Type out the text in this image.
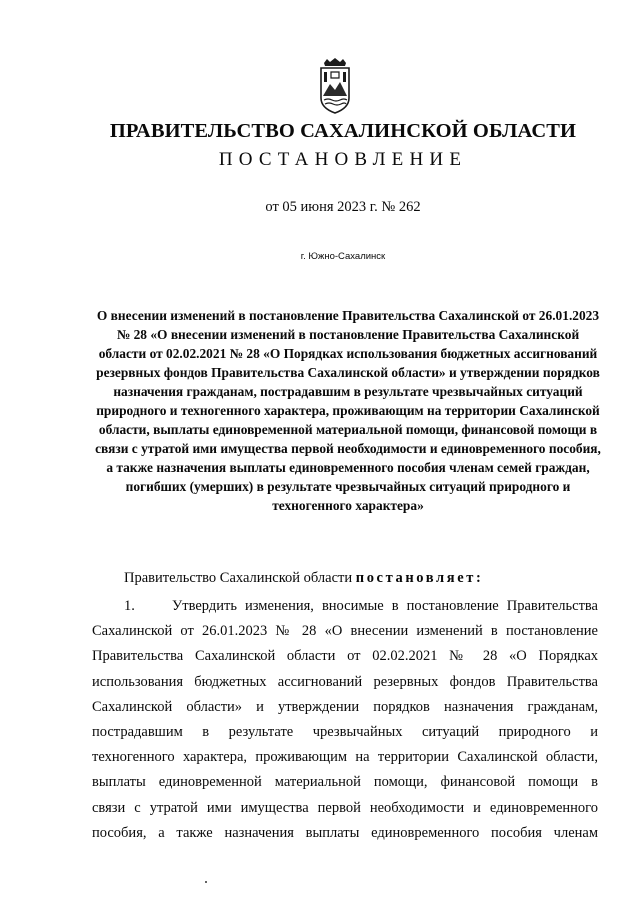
ПРАВИТЕЛЬСТВО САХАЛИНСКОЙ ОБЛАСТИ
ПОСТАНОВЛЕНИЕ
от 05 июня 2023 г. № 262
г. Южно-Сахалинск
О внесении изменений в постановление Правительства Сахалинской от 26.01.2023 № 28 «О внесении изменений в постановление Правительства Сахалинской области от 02.02.2021 № 28 «О Порядках использования бюджетных ассигнований резервных фондов Правительства Сахалинской области» и утверждении порядков назначения гражданам, пострадавшим в результате чрезвычайных ситуаций природного и техногенного характера, проживающим на территории Сахалинской области, выплаты единовременной материальной помощи, финансовой помощи в связи с утратой ими имущества первой необходимости и единовременного пособия, а также назначения выплаты единовременного пособия членам семей граждан, погибших (умерших) в результате чрезвычайных ситуаций природного и техногенного характера»
Правительство Сахалинской области постановляет:
1.	Утвердить изменения, вносимые в постановление Правительства
Сахалинской от 26.01.2023 № 28 «О внесении изменений в постановление
Правительства Сахалинской области от 02.02.2021 № 28 «О Порядках
использования бюджетных ассигнований резервных фондов Правительства
Сахалинской области» и утверждении порядков назначения гражданам,
пострадавшим в результате чрезвычайных ситуаций природного и
техногенного характера, проживающим на территории Сахалинской области,
выплаты единовременной материальной помощи, финансовой помощи в
связи с утратой ими имущества первой необходимости и единовременного
пособия, а также назначения выплаты единовременного пособия членам
